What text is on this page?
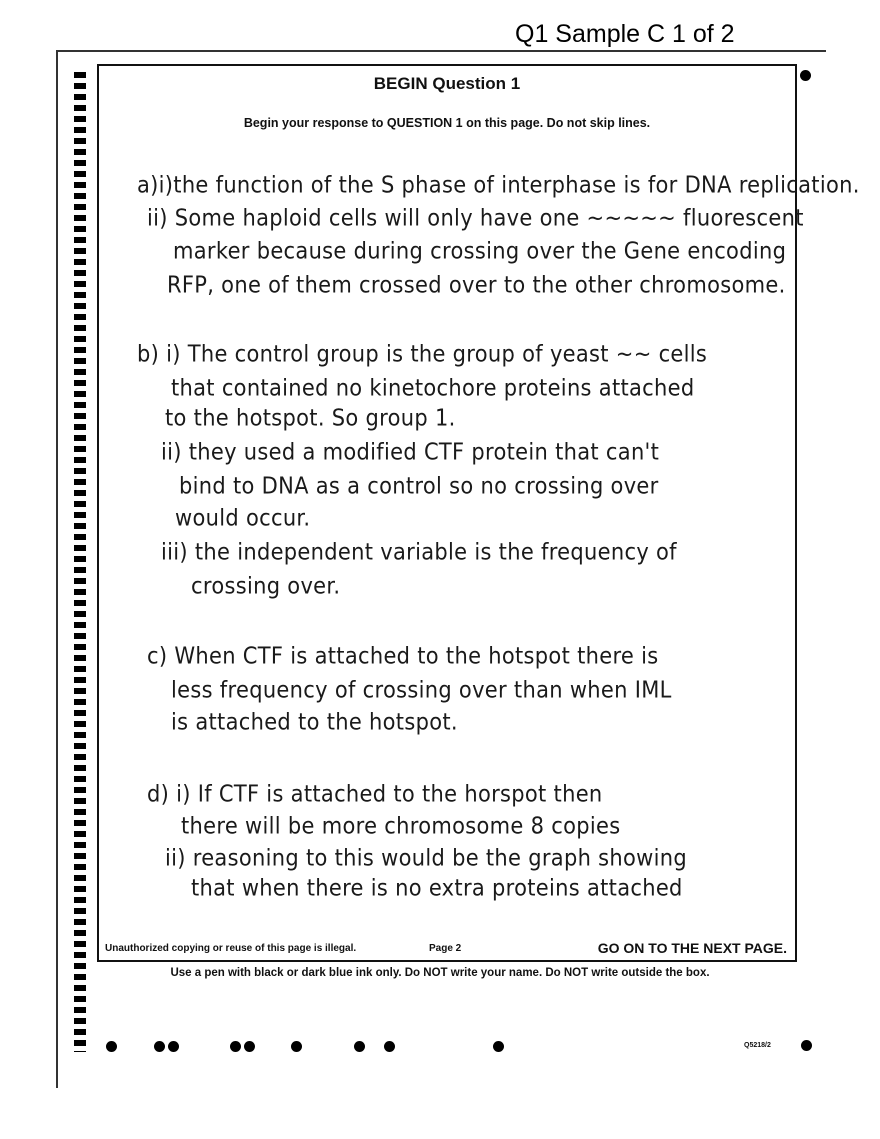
Q1 Sample C 1 of 2
BEGIN Question 1
Begin your response to QUESTION 1 on this page. Do not skip lines.
a)i)the function of the S phase of interphase is for DNA replication.
ii) Some haploid cells will only have one ~~~~~ fluorescent
marker because during crossing over the Gene encoding
RFP, one of them crossed over to the other chromosome.
b) i) The control group is the group of yeast ~~ cells
that contained no kinetochore proteins attached
to the hotspot. So group 1.
ii) they used a modified CTF protein that can't
bind to DNA as a control so no crossing over
would occur.
iii) the independent variable is the frequency of
crossing over.
c) When CTF is attached to the hotspot there is
less frequency of crossing over than when IML
is attached to the hotspot.
d) i) If CTF is attached to the horspot then
there will be more chromosome 8 copies
ii) reasoning to this would be the graph showing
that when there is no extra proteins attached
Unauthorized copying or reuse of this page is illegal.	Page 2	GO ON TO THE NEXT PAGE.
Use a pen with black or dark blue ink only. Do NOT write your name. Do NOT write outside the box.
Q5218/2
